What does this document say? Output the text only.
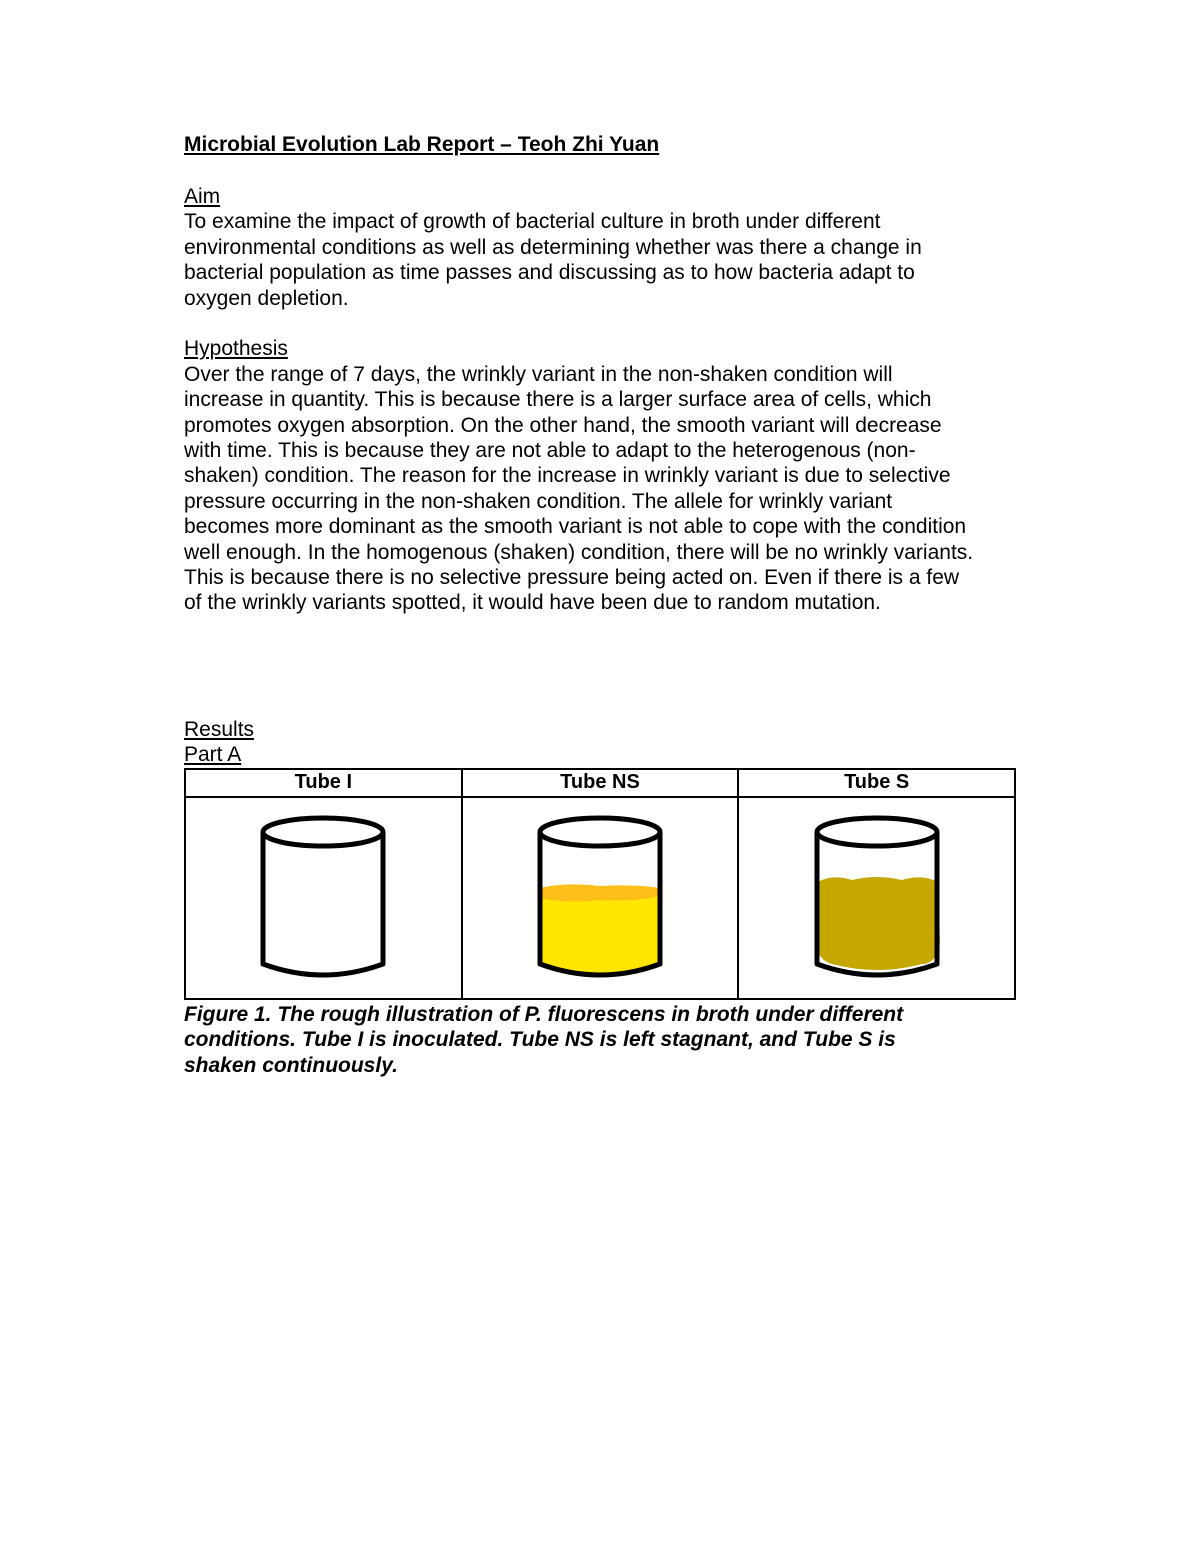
Microbial Evolution Lab Report – Teoh Zhi Yuan

Aim

To examine the impact of growth of bacterial culture in broth under different

environmental conditions as well as determining whether was there a change in

bacterial population as time passes and discussing as to how bacteria adapt to

oxygen depletion.

Hypothesis

Over the range of 7 days, the wrinkly variant in the non-shaken condition will

increase in quantity. This is because there is a larger surface area of cells, which

promotes oxygen absorption. On the other hand, the smooth variant will decrease

with time. This is because they are not able to adapt to the heterogenous (non-

shaken) condition. The reason for the increase in wrinkly variant is due to selective

pressure occurring in the non-shaken condition. The allele for wrinkly variant

becomes more dominant as the smooth variant is not able to cope with the condition

well enough. In the homogenous (shaken) condition, there will be no wrinkly variants.

This is because there is no selective pressure being acted on. Even if there is a few

of the wrinkly variants spotted, it would have been due to random mutation.

Results

Part A

Tube I	Tube NS	Tube S

Figure 1. The rough illustration of P. fluorescens in broth under different

conditions. Tube I is inoculated. Tube NS is left stagnant, and Tube S is

shaken continuously.
